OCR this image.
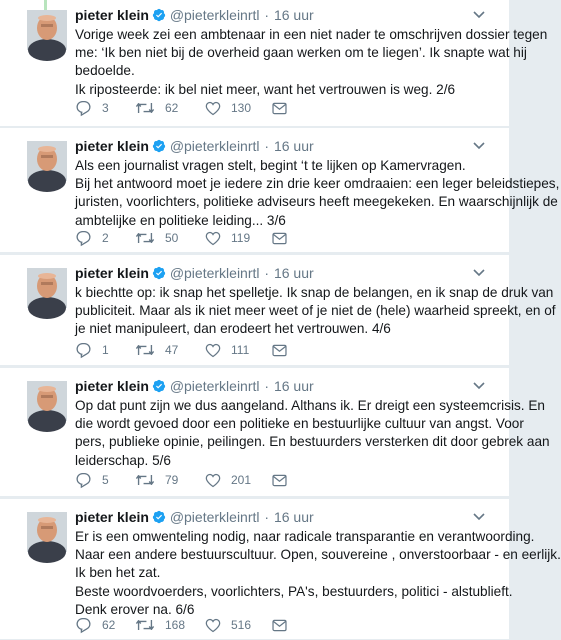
pieter klein @pieterkleinrtl · 16 uur
Vorige week zei een ambtenaar in een niet nader te omschrijven dossier tegen
me: ‘Ik ben niet bij de overheid gaan werken om te liegen’. Ik snapte wat hij
bedoelde.
Ik riposteerde: ik bel niet meer, want het vertrouwen is weg. 2/6
3	62	130
pieter klein @pieterkleinrtl · 16 uur
Als een journalist vragen stelt, begint ‘t te lijken op Kamervragen.
Bij het antwoord moet je iedere zin drie keer omdraaien: een leger beleidstiepes,
juristen, voorlichters, politieke adviseurs heeft meegekeken. En waarschijnlijk de
ambtelijke en politieke leiding... 3/6
2	50	119
pieter klein @pieterkleinrtl · 16 uur
k biechtte op: ik snap het spelletje. Ik snap de belangen, en ik snap de druk van
publiciteit. Maar als ik niet meer weet of je niet de (hele) waarheid spreekt, en of
je niet manipuleert, dan erodeert het vertrouwen. 4/6
1	47	111
pieter klein @pieterkleinrtl · 16 uur
Op dat punt zijn we dus aangeland. Althans ik. Er dreigt een systeemcrisis. En
die wordt gevoed door een politieke en bestuurlijke cultuur van angst. Voor
pers, publieke opinie, peilingen. En bestuurders versterken dit door gebrek aan
leiderschap. 5/6
5	79	201
pieter klein @pieterkleinrtl · 16 uur
Er is een omwenteling nodig, naar radicale transparantie en verantwoording.
Naar een andere bestuurscultuur. Open, souvereine , onverstoorbaar - en eerlijk.
Ik ben het zat.
Beste woordvoerders, voorlichters, PA's, bestuurders, politici - alstublieft.
Denk erover na. 6/6
62	168	516
